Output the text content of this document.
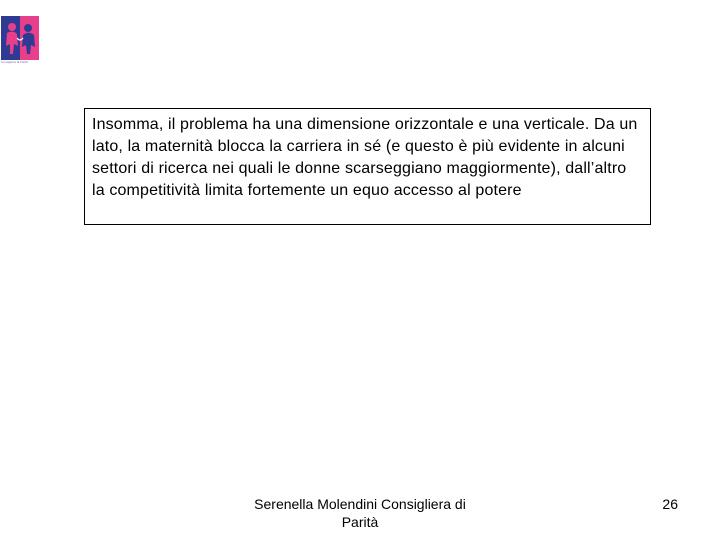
Consigliera di Parità
Insomma, il problema ha una dimensione orizzontale e una verticale. Da un lato, la maternità blocca la carriera in sé (e questo è più evidente in alcuni settori di ricerca nei quali le donne scarseggiano maggiormente), dall’altro la competitività limita fortemente un equo accesso al potere
Serenella Molendini Consigliera di
Parità
26
